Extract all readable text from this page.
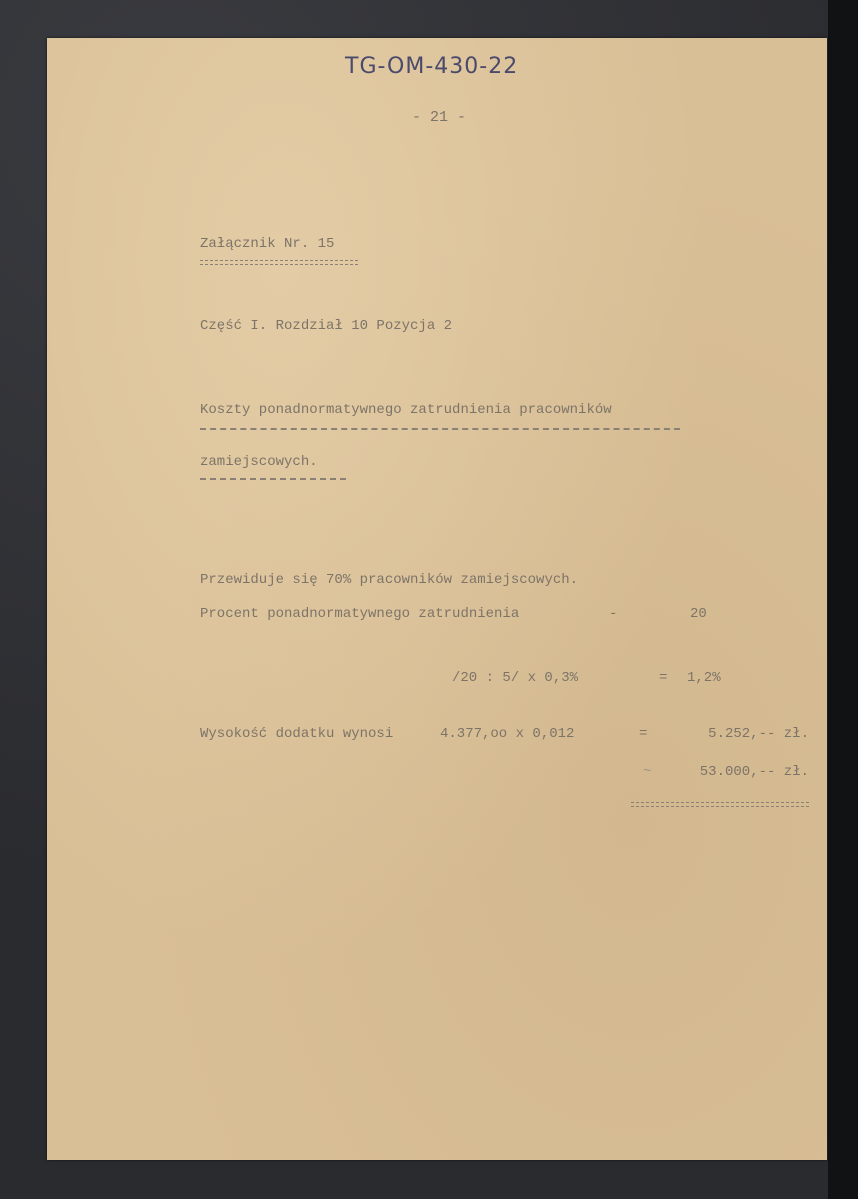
TG-OM-430-22
- 21 -
Załącznik Nr. 15
Część I. Rozdział 10 Pozycja 2
Koszty ponadnormatywnego zatrudnienia pracowników
zamiejscowych.
Przewiduje się 70% pracowników zamiejscowych.
Procent ponadnormatywnego zatrudnienia	-	20
/20 : 5/ x 0,3%	= 1,2%
Wysokość dodatku wynosi	4.377,oo x 0,012	=	5.252,-- zł.
~	53.000,-- zł.
